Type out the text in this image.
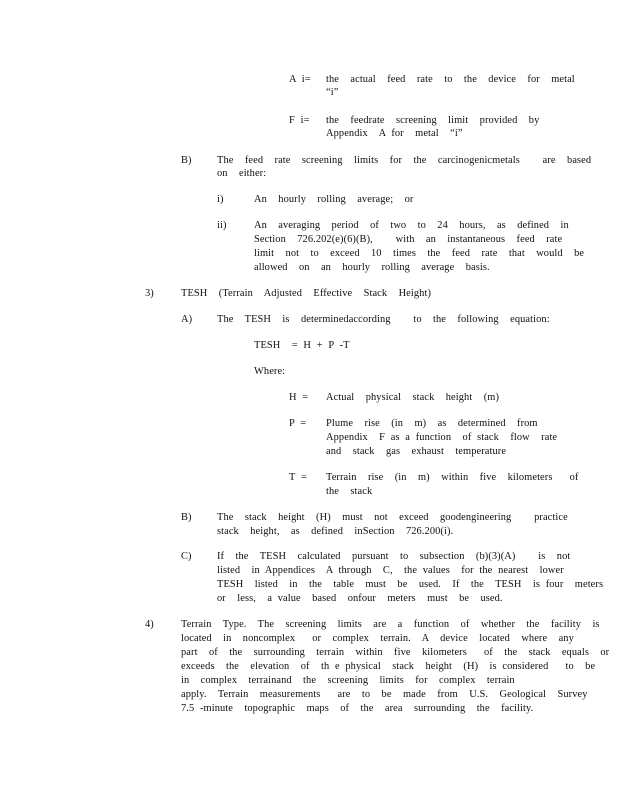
A i= the  actual  feed  rate  to  the  device  for  metal
“i”
F i= the  feedrate  screening  limit  provided  by
Appendix  A for  metal  “i”
B) The  feed  rate  screening  limits  for  the  carcinogenicmetals    are  based
on  either:
i)	An  hourly  rolling  average;  or
ii)	An  averaging  period  of  two  to  24  hours,  as  defined  in
Section  726.202(e)(6)(B),    with  an  instantaneous  feed  rate
limit  not  to  exceed  10  times  the  feed  rate  that  would  be
allowed  on  an  hourly  rolling  average  basis.
3)	TESH  (Terrain  Adjusted  Effective  Stack  Height)
A) The  TESH  is  determinedaccording    to  the  following  equation:
TESH  = H + P -T
Where:
H = Actual  physical  stack  height  (m)
P = Plume  rise  (in  m)  as  determined  from
Appendix  F as a function  of stack  flow  rate
and  stack  gas  exhaust  temperature
T = Terrain  rise  (in  m)  within  five  kilometers   of
the  stack
B) The  stack  height  (H)  must  not  exceed  goodengineering    practice
stack  height,  as  defined  inSection  726.200(i).
C) If  the  TESH  calculated  pursuant  to  subsection  (b)(3)(A)    is  not
listed  in Appendices  A through  C,  the values  for the nearest  lower
TESH  listed  in  the  table  must  be  used.  If  the  TESH  is four  meters
or  less,  a value  based  onfour  meters  must  be  used.
4)	Terrain  Type.  The  screening  limits  are  a  function  of  whether  the  facility  is
located  in  noncomplex   or  complex  terrain.  A  device  located  where  any
part  of  the  surrounding  terrain  within  five  kilometers   of  the  stack  equals  or
exceeds  the  elevation  of  th e physical  stack  height  (H)  is considered   to  be
in  complex  terrainand  the  screening  limits  for  complex  terrain
apply.  Terrain  measurements   are  to  be  made  from  U.S.  Geological  Survey
7.5 -minute  topographic  maps  of  the  area  surrounding  the  facility.
